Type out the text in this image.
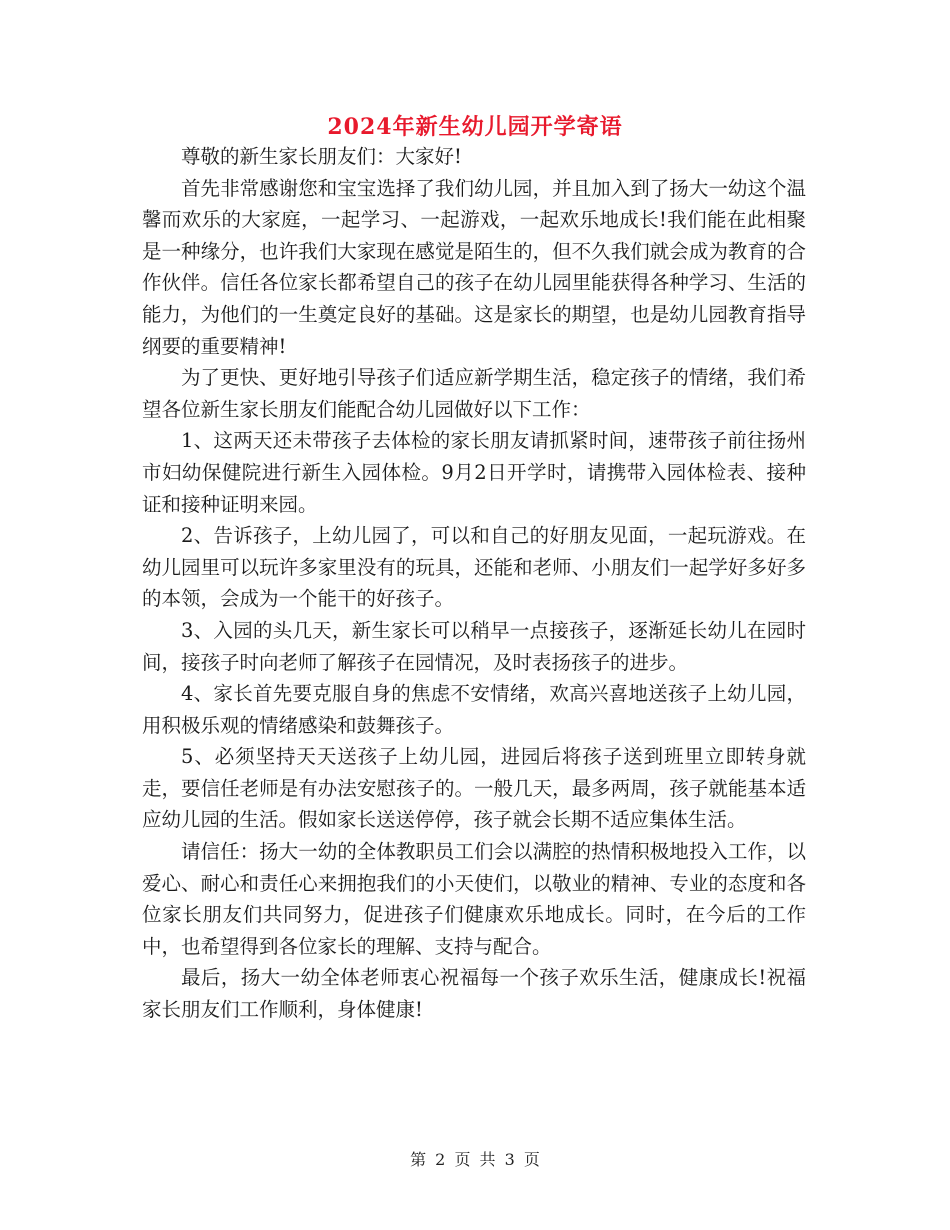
2024年新生幼儿园开学寄语

尊敬的新生家长朋友们：大家好!

首先非常感谢您和宝宝选择了我们幼儿园，并且加入到了扬大一幼这个温馨而欢乐的大家庭，一起学习、一起游戏，一起欢乐地成长!我们能在此相聚是一种缘分，也许我们大家现在感觉是陌生的，但不久我们就会成为教育的合作伙伴。信任各位家长都希望自己的孩子在幼儿园里能获得各种学习、生活的能力，为他们的一生奠定良好的基础。这是家长的期望，也是幼儿园教育指导纲要的重要精神!

为了更快、更好地引导孩子们适应新学期生活，稳定孩子的情绪，我们希望各位新生家长朋友们能配合幼儿园做好以下工作：

1、这两天还未带孩子去体检的家长朋友请抓紧时间，速带孩子前往扬州市妇幼保健院进行新生入园体检。9月2日开学时，请携带入园体检表、接种证和接种证明来园。

2、告诉孩子，上幼儿园了，可以和自己的好朋友见面，一起玩游戏。在幼儿园里可以玩许多家里没有的玩具，还能和老师、小朋友们一起学好多好多的本领，会成为一个能干的好孩子。

3、入园的头几天，新生家长可以稍早一点接孩子，逐渐延长幼儿在园时间，接孩子时向老师了解孩子在园情况，及时表扬孩子的进步。

4、家长首先要克服自身的焦虑不安情绪，欢高兴喜地送孩子上幼儿园，用积极乐观的情绪感染和鼓舞孩子。

5、必须坚持天天送孩子上幼儿园，进园后将孩子送到班里立即转身就走，要信任老师是有办法安慰孩子的。一般几天，最多两周，孩子就能基本适应幼儿园的生活。假如家长送送停停，孩子就会长期不适应集体生活。

请信任：扬大一幼的全体教职员工们会以满腔的热情积极地投入工作，以爱心、耐心和责任心来拥抱我们的小天使们，以敬业的精神、专业的态度和各位家长朋友们共同努力，促进孩子们健康欢乐地成长。同时，在今后的工作中，也希望得到各位家长的理解、支持与配合。

最后，扬大一幼全体老师衷心祝福每一个孩子欢乐生活，健康成长!祝福家长朋友们工作顺利，身体健康!

第 2 页 共 3 页
